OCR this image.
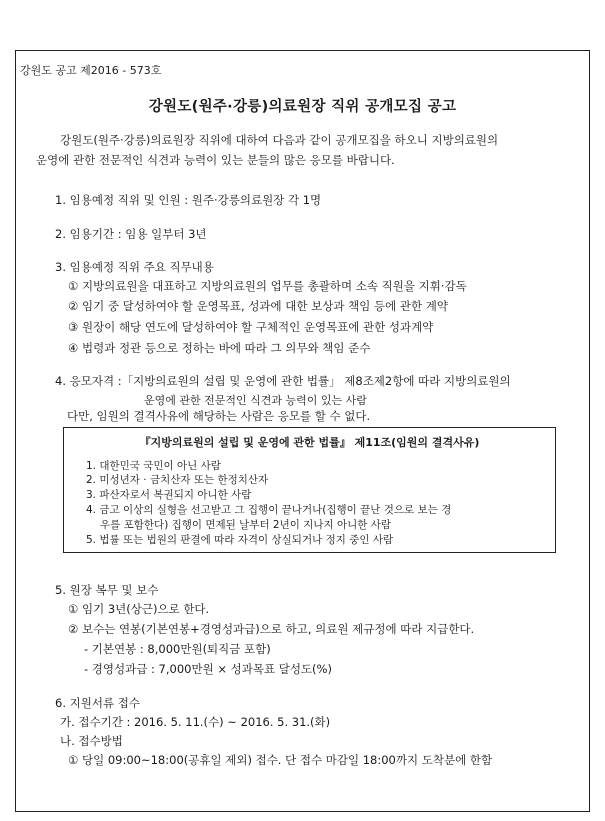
강원도 공고 제2016 - 573호
강원도(원주·강릉)의료원장 직위 공개모집 공고
강원도(원주·강릉)의료원장 직위에 대하여 다음과 같이 공개모집을 하오니 지방의료원의
운영에 관한 전문적인 식견과 능력이 있는 분들의 많은 응모를 바랍니다.
1. 임용예정 직위 및 인원 : 원주·강릉의료원장 각 1명
2. 임용기간 : 임용 일부터 3년
3. 임용예정 직위 주요 직무내용
① 지방의료원을 대표하고 지방의료원의 업무를 총괄하며 소속 직원을 지휘·감독
② 임기 중 달성하여야 할 운영목표, 성과에 대한 보상과 책임 등에 관한 계약
③ 원장이 해당 연도에 달성하여야 할 구체적인 운영목표에 관한 성과계약
④ 법령과 정관 등으로 정하는 바에 따라 그 의무와 책임 준수
4. 응모자격 :「지방의료원의 설립 및 운영에 관한 법률」 제8조제2항에 따라 지방의료원의
운영에 관한 전문적인 식견과 능력이 있는 사람
다만, 임원의 결격사유에 해당하는 사람은 응모를 할 수 없다.
『지방의료원의 설립 및 운영에 관한 법률』 제11조(임원의 결격사유)
1. 대한민국 국민이 아닌 사람
2. 미성년자 · 금치산자 또는 한정치산자
3. 파산자로서 복권되지 아니한 사람
4. 금고 이상의 실형을 선고받고 그 집행이 끝나거나(집행이 끝난 것으로 보는 경
우를 포함한다) 집행이 면제된 날부터 2년이 지나지 아니한 사람
5. 법률 또는 법원의 판결에 따라 자격이 상실되거나 정지 중인 사람
5. 원장 복무 및 보수
① 임기 3년(상근)으로 한다.
② 보수는 연봉(기본연봉+경영성과급)으로 하고, 의료원 제규정에 따라 지급한다.
- 기본연봉 : 8,000만원(퇴직금 포함)
- 경영성과급 : 7,000만원 × 성과목표 달성도(%)
6. 지원서류 접수
가. 접수기간 : 2016. 5. 11.(수) ~ 2016. 5. 31.(화)
나. 접수방법
① 당일 09:00~18:00(공휴일 제외) 접수. 단 접수 마감일 18:00까지 도착분에 한함
